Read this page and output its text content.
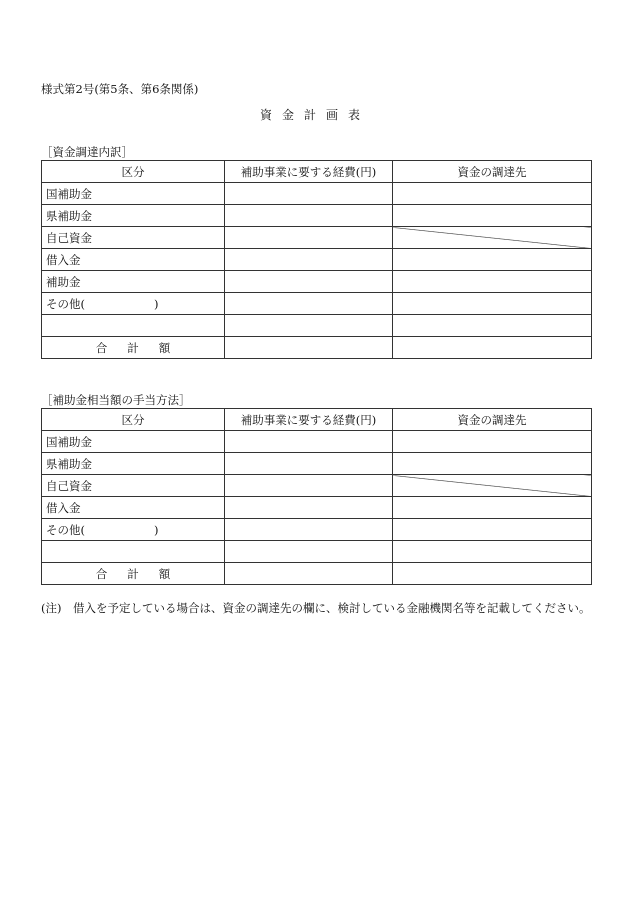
様式第2号(第5条、第6条関係)
資金計画表
［資金調達内訳］
区分	補助事業に要する経費(円)	資金の調達先
国補助金		
県補助金		
自己資金		
借入金		
補助金		
その他(　　　　　　)		

合 計 額		
［補助金相当額の手当方法］
区分	補助事業に要する経費(円)	資金の調達先
国補助金		
県補助金		
自己資金		
借入金		
その他(　　　　　　)		

合 計 額		
(注)　借入を予定している場合は、資金の調達先の欄に、検討している金融機関名等を記載してください。
